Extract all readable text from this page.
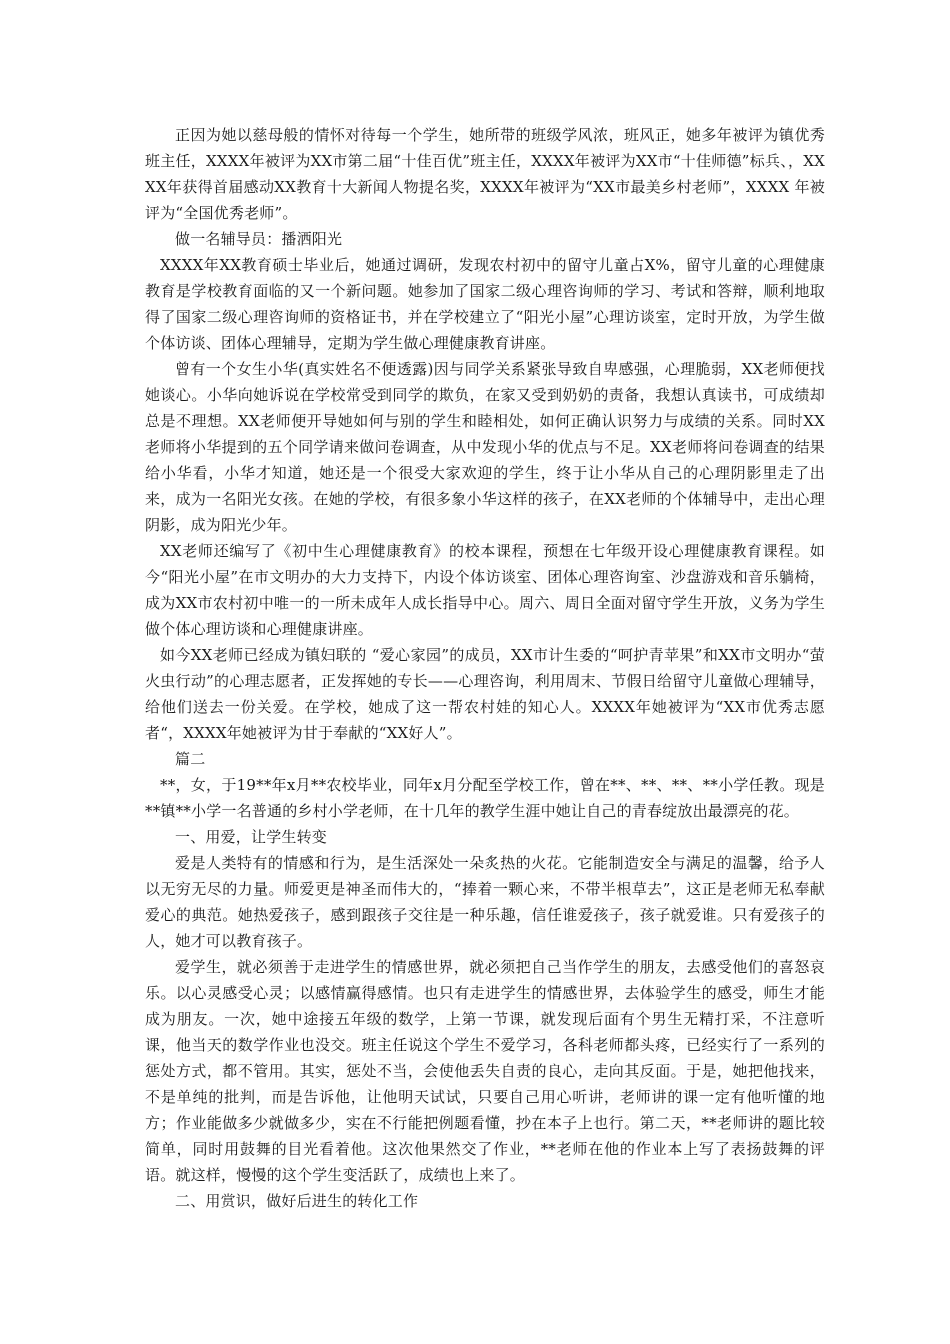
正因为她以慈母般的情怀对待每一个学生，她所带的班级学风浓，班风正，她多年被评为镇优秀班主任，XXXX年被评为XX市第二届“十佳百优”班主任，XXXX年被评为XX市“十佳师德”标兵、，XXXX年获得首届感动XX教育十大新闻人物提名奖，XXXX年被评为“XX市最美乡村老师”，XXXX 年被评为“全国优秀老师”。

做一名辅导员：播洒阳光

XXXX年XX教育硕士毕业后，她通过调研，发现农村初中的留守儿童占X%，留守儿童的心理健康教育是学校教育面临的又一个新问题。她参加了国家二级心理咨询师的学习、考试和答辩，顺利地取得了国家二级心理咨询师的资格证书，并在学校建立了“阳光小屋”心理访谈室，定时开放，为学生做个体访谈、团体心理辅导，定期为学生做心理健康教育讲座。

曾有一个女生小华(真实姓名不便透露)因与同学关系紧张导致自卑感强，心理脆弱，XX老师便找她谈心。小华向她诉说在学校常受到同学的欺负，在家又受到奶奶的责备，我想认真读书，可成绩却总是不理想。XX老师便开导她如何与别的学生和睦相处，如何正确认识努力与成绩的关系。同时XX老师将小华提到的五个同学请来做问卷调查，从中发现小华的优点与不足。XX老师将问卷调查的结果给小华看，小华才知道，她还是一个很受大家欢迎的学生，终于让小华从自己的心理阴影里走了出来，成为一名阳光女孩。在她的学校，有很多象小华这样的孩子，在XX老师的个体辅导中，走出心理阴影，成为阳光少年。

XX老师还编写了《初中生心理健康教育》的校本课程，预想在七年级开设心理健康教育课程。如今“阳光小屋”在市文明办的大力支持下，内设个体访谈室、团体心理咨询室、沙盘游戏和音乐躺椅，成为XX市农村初中唯一的一所未成年人成长指导中心。周六、周日全面对留守学生开放，义务为学生做个体心理访谈和心理健康讲座。

如今XX老师已经成为镇妇联的 “爱心家园”的成员，XX市计生委的“呵护青苹果”和XX市文明办“萤火虫行动”的心理志愿者，正发挥她的专长——心理咨询，利用周末、节假日给留守儿童做心理辅导，给他们送去一份关爱。在学校，她成了这一帮农村娃的知心人。XXXX年她被评为“XX市优秀志愿者“，XXXX年她被评为甘于奉献的“XX好人”。

篇二

**，女，于19**年x月**农校毕业，同年x月分配至学校工作，曾在**、**、**、**小学任教。现是**镇**小学一名普通的乡村小学老师，在十几年的教学生涯中她让自己的青春绽放出最漂亮的花。

一、用爱，让学生转变

爱是人类特有的情感和行为，是生活深处一朵炙热的火花。它能制造安全与满足的温馨，给予人以无穷无尽的力量。师爱更是神圣而伟大的，“捧着一颗心来，不带半根草去”，这正是老师无私奉献爱心的典范。她热爱孩子，感到跟孩子交往是一种乐趣，信任谁爱孩子，孩子就爱谁。只有爱孩子的人，她才可以教育孩子。

爱学生，就必须善于走进学生的情感世界，就必须把自己当作学生的朋友，去感受他们的喜怒哀乐。以心灵感受心灵；以感情赢得感情。也只有走进学生的情感世界，去体验学生的感受，师生才能成为朋友。一次，她中途接五年级的数学，上第一节课，就发现后面有个男生无精打采，不注意听课，他当天的数学作业也没交。班主任说这个学生不爱学习，各科老师都头疼，已经实行了一系列的惩处方式，都不管用。其实，惩处不当，会使他丢失自责的良心，走向其反面。于是，她把他找来，不是单纯的批判，而是告诉他，让他明天试试，只要自己用心听讲，老师讲的课一定有他听懂的地方；作业能做多少就做多少，实在不行能把例题看懂，抄在本子上也行。第二天，**老师讲的题比较简单，同时用鼓舞的目光看着他。这次他果然交了作业，**老师在他的作业本上写了表扬鼓舞的评语。就这样，慢慢的这个学生变活跃了，成绩也上来了。

二、用赏识，做好后进生的转化工作
